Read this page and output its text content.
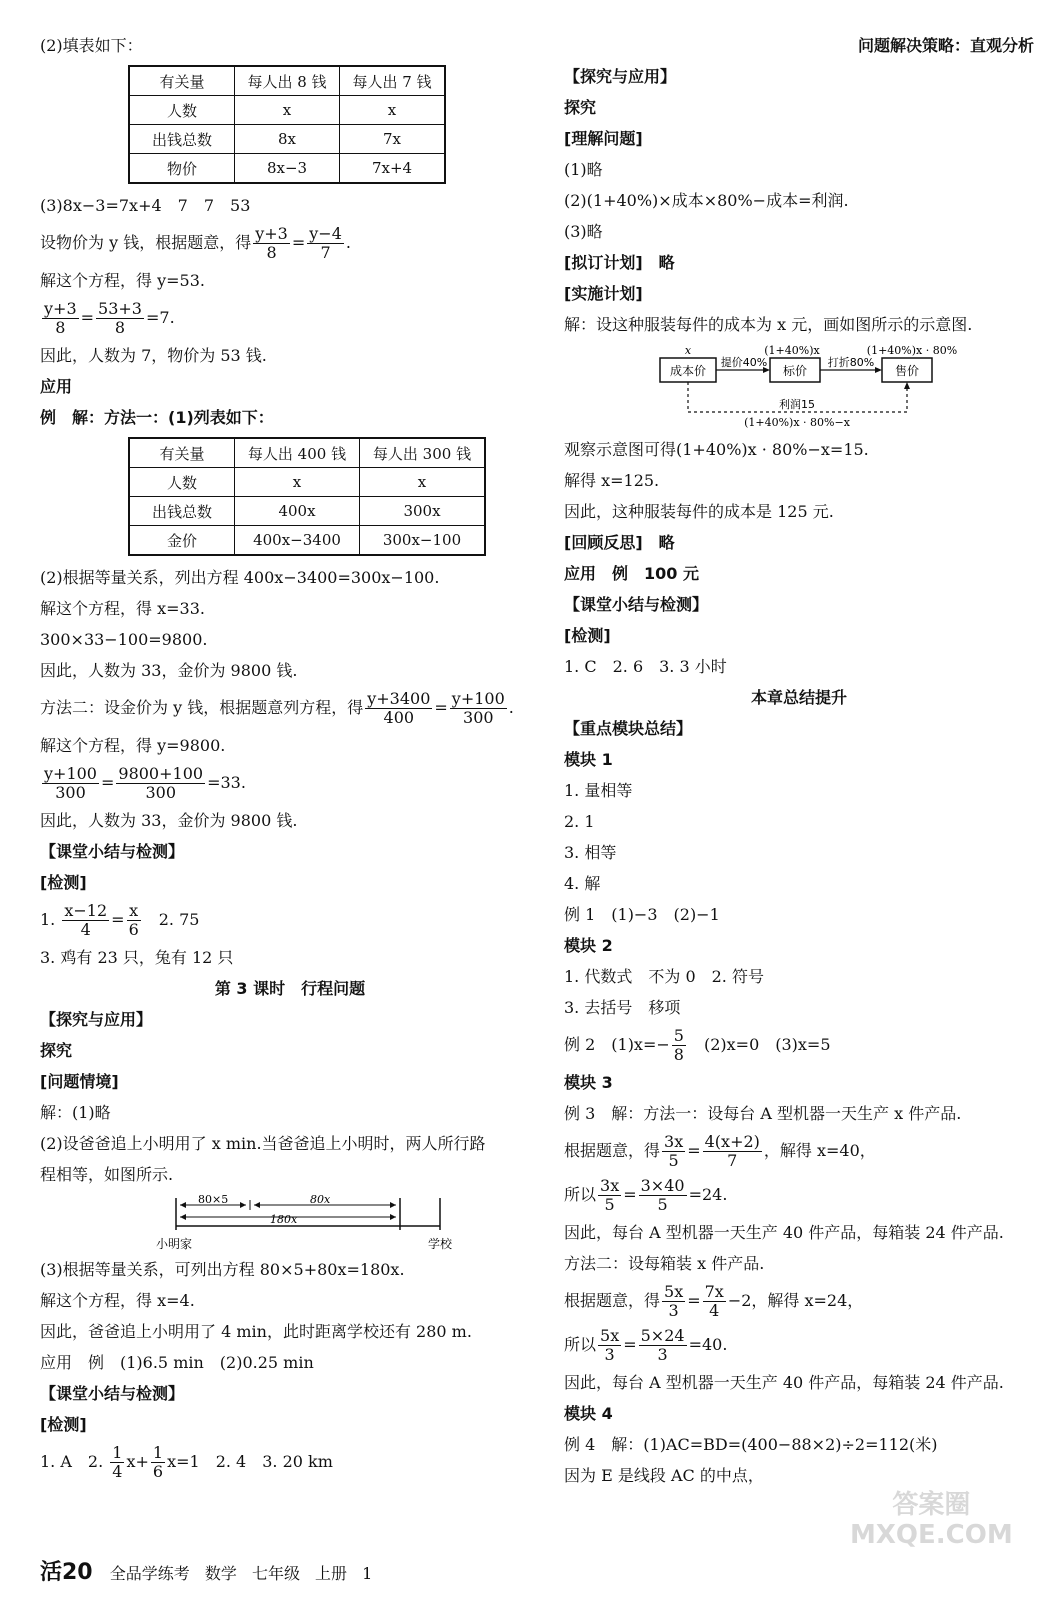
(2)填表如下：
有关量	每人出 8 钱	每人出 7 钱
人数	x	x
出钱总数	8x	7x
物价	8x−3	7x+4
(3)8x−3=7x+4　7　7　53
设物价为 y 钱，根据题意，得 $\frac{y+3}{8} = \frac{y-4}{7}$ .
解这个方程，得 y=53.
$\frac{y+3}{8} = \frac{53+3}{8} =7$.
因此，人数为 7，物价为 53 钱.
应用
例　解：方法一：(1)列表如下：
有关量	每人出 400 钱	每人出 300 钱
人数	x	x
出钱总数	400x	300x
金价	400x−3400	300x−100
(2)根据等量关系，列出方程 400x−3400=300x−100.
解这个方程，得 x=33.
300×33−100=9800.
因此，人数为 33，金价为 9800 钱.
方法二：设金价为 y 钱，根据题意列方程，得 $\frac{y+3400}{400} = \frac{y+100}{300}$ .
解这个方程，得 y=9800.
$\frac{y+100}{300} = \frac{9800+100}{300} =33$.
因此，人数为 33，金价为 9800 钱.
【课堂小结与检测】
[检测]
1. $\frac{x-12}{4} = \frac{x}{6}$ 　2. 75
3. 鸡有 23 只，兔有 12 只
第 3 课时　行程问题
【探究与应用】
探究
[问题情境]
解：(1)略
(2)设爸爸追上小明用了 x min.当爸爸追上小明时，两人所行路
程相等，如图所示.
80×5	80x
180x
小明家	学校
(3)根据等量关系，可列出方程 80×5+80x=180x.
解这个方程，得 x=4.
因此，爸爸追上小明用了 4 min，此时距离学校还有 280 m.
应用　例　(1)6.5 min　(2)0.25 min
【课堂小结与检测】
[检测]
1. A　2. $\frac{1}{4} x+ \frac{1}{6} x=1$　2. 4　3. 20 km
问题解决策略：直观分析
【探究与应用】
探究
[理解问题]
(1)略
(2)(1+40%)×成本×80%−成本=利润.
(3)略
[拟订计划]　略
[实施计划]
解：设这种服装每件的成本为 x 元，画如图所示的示意图.
成本价	标价	售价
x	(1+40%)x	(1+40%)x · 80%
提价40%	打折80%
利润15
(1+40%)x · 80%−x
观察示意图可得(1+40%)x · 80%−x=15.
解得 x=125.
因此，这种服装每件的成本是 125 元.
[回顾反思]　略
应用　例　100 元
【课堂小结与检测】
[检测]
1. C　2. 6　3. 3 小时
本章总结提升
【重点模块总结】
模块 1
1. 量相等
2. 1
3. 相等
4. 解
例 1　(1)−3　(2)−1
模块 2
1. 代数式　不为 0　2. 符号
3. 去括号　移项
例 2　$(1)x=- \frac{5}{8}$ 　(2)x=0　(3)x=5
模块 3
例 3　解：方法一：设每台 A 型机器一天生产 x 件产品.
根据题意，得 $\frac{3x}{5} = \frac{4(x+2)}{7}$ ，解得 x=40，
所以 $\frac{3x}{5} = \frac{3\times 40}{5} =24$.
因此，每台 A 型机器一天生产 40 件产品，每箱装 24 件产品.
方法二：设每箱装 x 件产品.
根据题意，得 $\frac{5x}{3} = \frac{7x}{4} -2$，解得 x=24，
所以 $\frac{5x}{3} = \frac{5\times 24}{3} =40$.
因此，每台 A 型机器一天生产 40 件产品，每箱装 24 件产品.
模块 4
例 4　解：(1)AC=BD=(400−88×2)÷2=112(米)
因为 E 是线段 AC 的中点，
答案圈
MXQE.COM
活20 全品学练考 数学 七年级 上册 1
